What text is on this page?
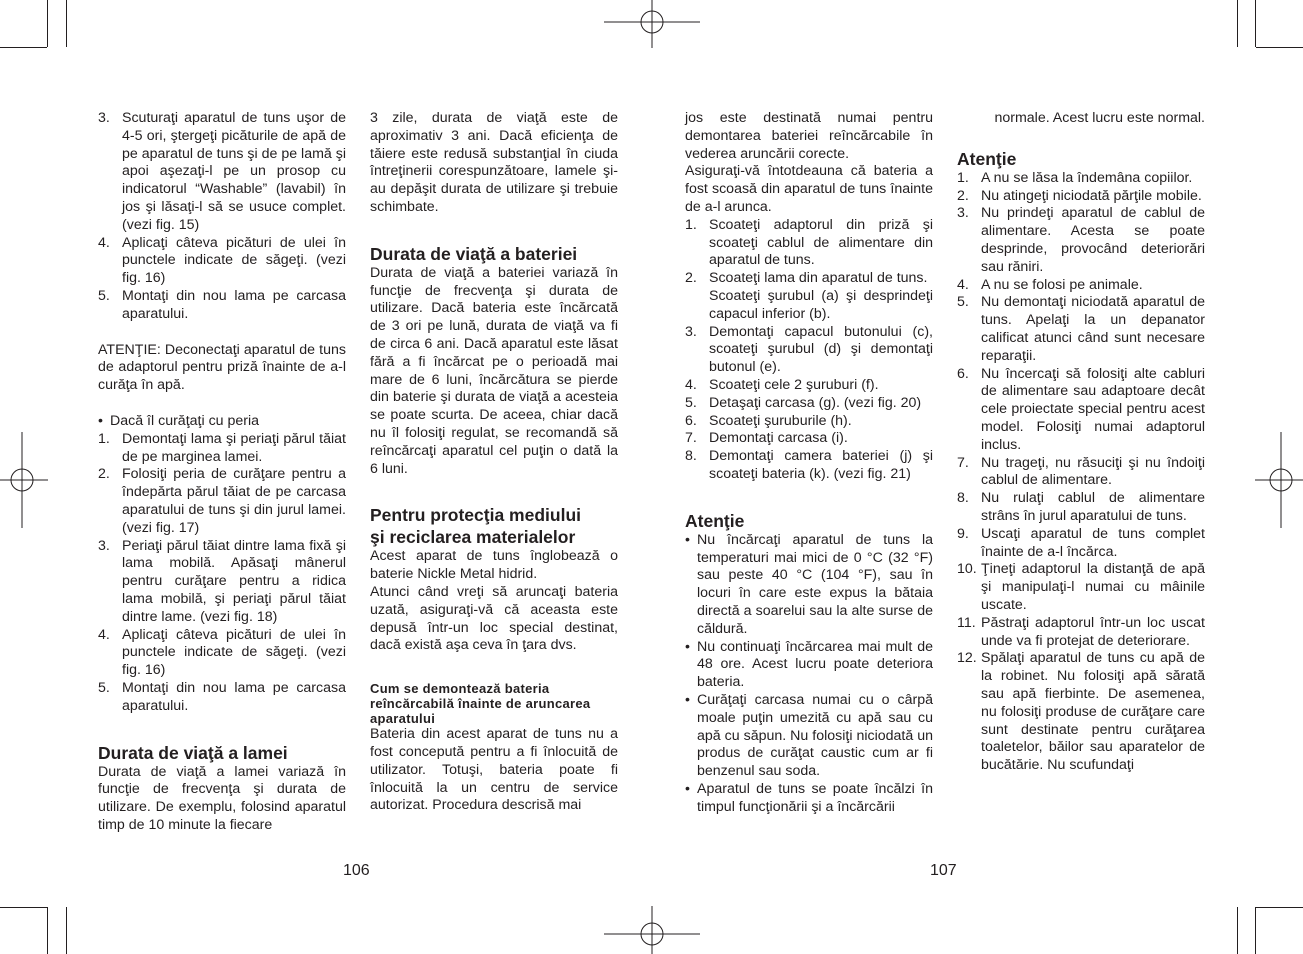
3. Scuturaţi aparatul de tuns uşor de 4-5 ori, ştergeţi picăturile de apă de pe aparatul de tuns şi de pe lamă şi apoi aşezaţi-l pe un prosop cu indicatorul “Washable” (lavabil) în jos şi lăsaţi-l să se usuce complet. (vezi fig. 15)

4. Aplicaţi câteva picături de ulei în punctele indicate de săgeţi. (vezi fig. 16)

5. Montaţi din nou lama pe carcasa aparatului.

ATENŢIE: Deconectaţi aparatul de tuns de adaptorul pentru priză înainte de a-l curăţa în apă.

• Dacă îl curăţaţi cu peria

1. Demontaţi lama şi periaţi părul tăiat de pe marginea lamei.

2. Folosiţi peria de curăţare pentru a îndepărta părul tăiat de pe carcasa aparatului de tuns şi din jurul lamei. (vezi fig. 17)

3. Periaţi părul tăiat dintre lama fixă şi lama mobilă. Apăsaţi mânerul pentru curăţare pentru a ridica lama mobilă, şi periaţi părul tăiat dintre lame. (vezi fig. 18)

4. Aplicaţi câteva picături de ulei în punctele indicate de săgeţi. (vezi fig. 16)

5. Montaţi din nou lama pe carcasa aparatului.

Durata de viaţă a lamei

Durata de viaţă a lamei variază în funcţie de frecvenţa şi durata de utilizare. De exemplu, folosind aparatul timp de 10 minute la fiecare

3 zile, durata de viaţă este de aproximativ 3 ani. Dacă eficienţa de tăiere este redusă substanţial în ciuda întreţinerii corespunzătoare, lamele şi-au depăşit durata de utilizare şi trebuie schimbate.

Durata de viaţă a bateriei

Durata de viaţă a bateriei variază în funcţie de frecvenţa şi durata de utilizare. Dacă bateria este încărcată de 3 ori pe lună, durata de viaţă va fi de circa 6 ani. Dacă aparatul este lăsat fără a fi încărcat pe o perioadă mai mare de 6 luni, încărcătura se pierde din baterie şi durata de viaţă a acesteia se poate scurta. De aceea, chiar dacă nu îl folosiţi regulat, se recomandă să reîncărcaţi aparatul cel puţin o dată la 6 luni.

Pentru protecţia mediului
şi reciclarea materialelor

Acest aparat de tuns înglobează o baterie Nickle Metal hidrid.

Atunci când vreţi să aruncaţi bateria uzată, asiguraţi-vă că aceasta este depusă într-un loc special destinat, dacă există aşa ceva în ţara dvs.

Cum se demontează bateria reîncărcabilă înainte de aruncarea aparatului

Bateria din acest aparat de tuns nu a fost concepută pentru a fi înlocuită de utilizator. Totuşi, bateria poate fi înlocuită la un centru de service autorizat. Procedura descrisă mai

jos este destinată numai pentru demontarea bateriei reîncărcabile în vederea aruncării corecte.

Asiguraţi-vă întotdeauna că bateria a fost scoasă din aparatul de tuns înainte de a-l arunca.

1. Scoateţi adaptorul din priză şi scoateţi cablul de alimentare din aparatul de tuns.

2. Scoateţi lama din aparatul de tuns.

Scoateţi şurubul (a) şi desprindeţi capacul inferior (b).

3. Demontaţi capacul butonului (c), scoateţi şurubul (d) şi demontaţi butonul (e).

4. Scoateţi cele 2 şuruburi (f).

5. Detaşaţi carcasa (g). (vezi fig. 20)

6. Scoateţi şuruburile (h).

7. Demontaţi carcasa (i).

8. Demontaţi camera bateriei (j) şi scoateţi bateria (k). (vezi fig. 21)

Atenţie
• Nu încărcaţi aparatul de tuns la temperaturi mai mici de 0 °C (32 °F) sau peste 40 °C (104 °F), sau în locuri în care este expus la bătaia directă a soarelui sau la alte surse de căldură.

• Nu continuaţi încărcarea mai mult de 48 ore. Acest lucru poate deteriora bateria.

• Curăţaţi carcasa numai cu o cârpă moale puţin umezită cu apă sau cu apă cu săpun. Nu folosiţi niciodată un produs de curăţat caustic cum ar fi benzenul sau soda.

• Aparatul de tuns se poate încălzi în timpul funcţionării şi a încărcării

normale. Acest lucru este normal.

Atenţie
1. A nu se lăsa la îndemâna copiilor.

2. Nu atingeţi niciodată părţile mobile.

3. Nu prindeţi aparatul de cablul de alimentare. Acesta se poate desprinde, provocând deteriorări sau răniri.

4. A nu se folosi pe animale.

5. Nu demontaţi niciodată aparatul de tuns. Apelaţi la un depanator calificat atunci când sunt necesare reparaţii.

6. Nu încercaţi să folosiţi alte cabluri de alimentare sau adaptoare decât cele proiectate special pentru acest model. Folosiţi numai adaptorul inclus.

7. Nu trageţi, nu răsuciţi şi nu îndoiţi cablul de alimentare.

8. Nu rulaţi cablul de alimentare strâns în jurul aparatului de tuns.

9. Uscaţi aparatul de tuns complet înainte de a-l încărca.

10. Ţineţi adaptorul la distanţă de apă şi manipulaţi-l numai cu mâinile uscate.

11. Păstraţi adaptorul într-un loc uscat unde va fi protejat de deteriorare.

12. Spălaţi aparatul de tuns cu apă de la robinet. Nu folosiţi apă sărată sau apă fierbinte. De asemenea, nu folosiţi produse de curăţare care sunt destinate pentru curăţarea toaletelor, băilor sau aparatelor de bucătărie. Nu scufundaţi

106	107
